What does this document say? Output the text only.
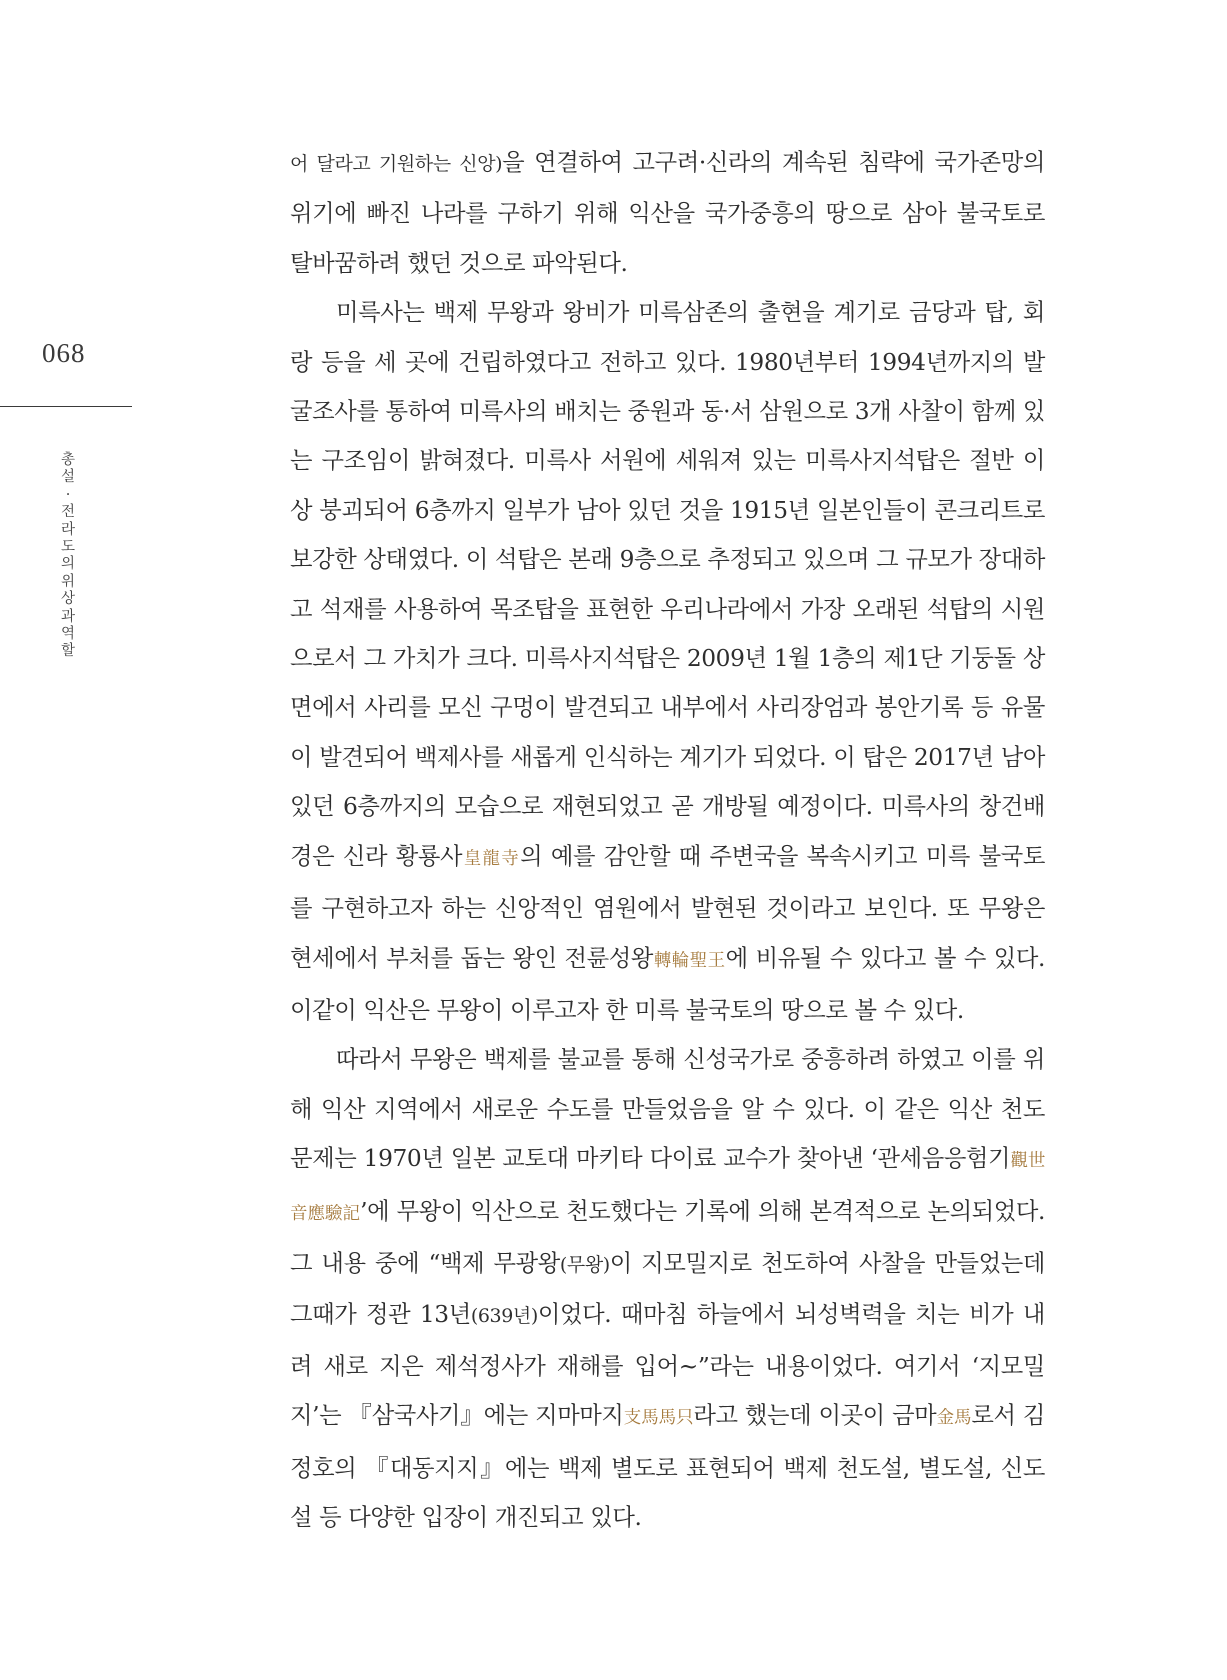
068
총설 · 전라도의 위상과 역할

어 달라고 기원하는 신앙)을 연결하여 고구려·신라의 계속된 침략에 국가존망의 위기에 빠진 나라를 구하기 위해 익산을 국가중흥의 땅으로 삼아 불국토로 탈바꿈하려 했던 것으로 파악된다.

미륵사는 백제 무왕과 왕비가 미륵삼존의 출현을 계기로 금당과 탑, 회랑 등을 세 곳에 건립하였다고 전하고 있다. 1980년부터 1994년까지의 발굴조사를 통하여 미륵사의 배치는 중원과 동·서 삼원으로 3개 사찰이 함께 있는 구조임이 밝혀졌다. 미륵사 서원에 세워져 있는 미륵사지석탑은 절반 이상 붕괴되어 6층까지 일부가 남아 있던 것을 1915년 일본인들이 콘크리트로 보강한 상태였다. 이 석탑은 본래 9층으로 추정되고 있으며 그 규모가 장대하고 석재를 사용하여 목조탑을 표현한 우리나라에서 가장 오래된 석탑의 시원으로서 그 가치가 크다. 미륵사지석탑은 2009년 1월 1층의 제1단 기둥돌 상면에서 사리를 모신 구멍이 발견되고 내부에서 사리장엄과 봉안기록 등 유물이 발견되어 백제사를 새롭게 인식하는 계기가 되었다. 이 탑은 2017년 남아 있던 6층까지의 모습으로 재현되었고 곧 개방될 예정이다. 미륵사의 창건배경은 신라 황룡사皇龍寺의 예를 감안할 때 주변국을 복속시키고 미륵 불국토를 구현하고자 하는 신앙적인 염원에서 발현된 것이라고 보인다. 또 무왕은 현세에서 부처를 돕는 왕인 전륜성왕轉輪聖王에 비유될 수 있다고 볼 수 있다. 이같이 익산은 무왕이 이루고자 한 미륵 불국토의 땅으로 볼 수 있다.

따라서 무왕은 백제를 불교를 통해 신성국가로 중흥하려 하였고 이를 위해 익산 지역에서 새로운 수도를 만들었음을 알 수 있다. 이 같은 익산 천도 문제는 1970년 일본 교토대 마키타 다이료 교수가 찾아낸 ‘관세음응험기觀世音應驗記’에 무왕이 익산으로 천도했다는 기록에 의해 본격적으로 논의되었다. 그 내용 중에 “백제 무광왕(무왕)이 지모밀지로 천도하여 사찰을 만들었는데 그때가 정관 13년(639년)이었다. 때마침 하늘에서 뇌성벽력을 치는 비가 내려 새로 지은 제석정사가 재해를 입어~”라는 내용이었다. 여기서 ‘지모밀지’는 『삼국사기』에는 지마마지支馬馬只라고 했는데 이곳이 금마金馬로서 김정호의 『대동지지』에는 백제 별도로 표현되어 백제 천도설, 별도설, 신도설 등 다양한 입장이 개진되고 있다.
